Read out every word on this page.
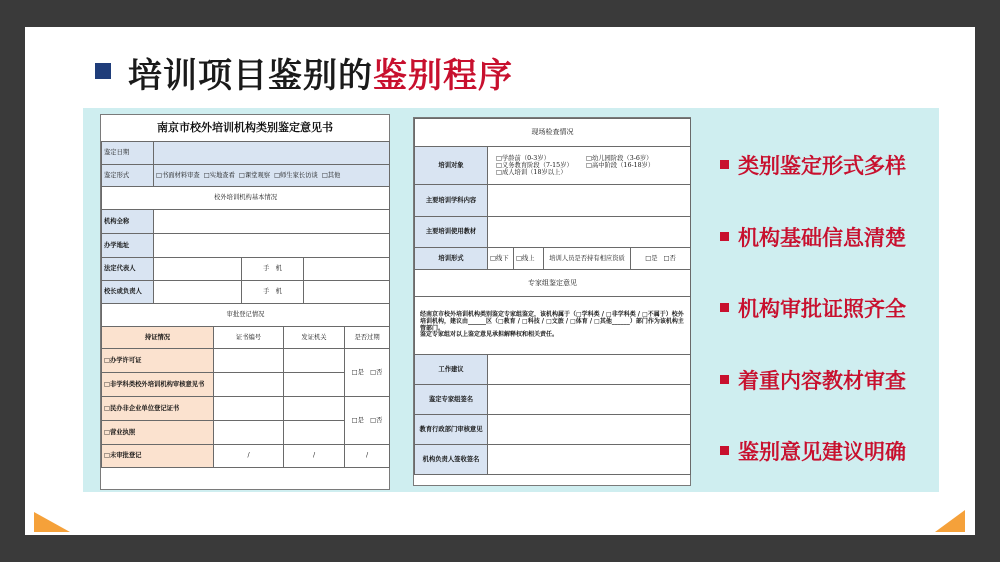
培训项目鉴别的鉴别程序
南京市校外培训机构类别鉴定意见书
鉴定日期						
鉴定形式	□书面材料审查 □实地查看 □课堂观察 □师生家长访谈 □其他					
校外培训机构基本情况						
机构全称						
办学地址						
法定代表人			手　机			
校长或负责人			手　机			
审批登记情况						
持证情况		证书编号		发证机关		是否过期
□办学许可证						□是　□否
□非学科类校外培训机构审核意见书						
□民办非企业单位登记证书						□是　□否
□营业执照						
□未审批登记		/		/		/
现场检查情况				
培训对象	□学龄前（0-3岁） □幼儿园阶段（3-6岁）
□义务教育阶段（7-15岁） □高中阶段（16-18岁）
□成人培训（18岁以上）			

主要培训学科内容				
主要培训使用教材				
培训形式	□线下	□线上	培训人员是否持有相应资质	□是 □否
专家组鉴定意见				

经南京市校外培训机构类别鉴定专家组鉴定，该机构属于（□学科类 / □非学科类 / □不属于）校外培训机构，建议由______区（□教育 / □科技 / □文旅 / □体育 / □其他______）部门作为该机构主管部门。
鉴定专家组对以上鉴定意见承担解释权和相关责任。				

工作建议				
鉴定专家组签名				
教育行政部门审核意见				
机构负责人签收签名				
类别鉴定形式多样
机构基础信息清楚
机构审批证照齐全
着重内容教材审查
鉴别意见建议明确
